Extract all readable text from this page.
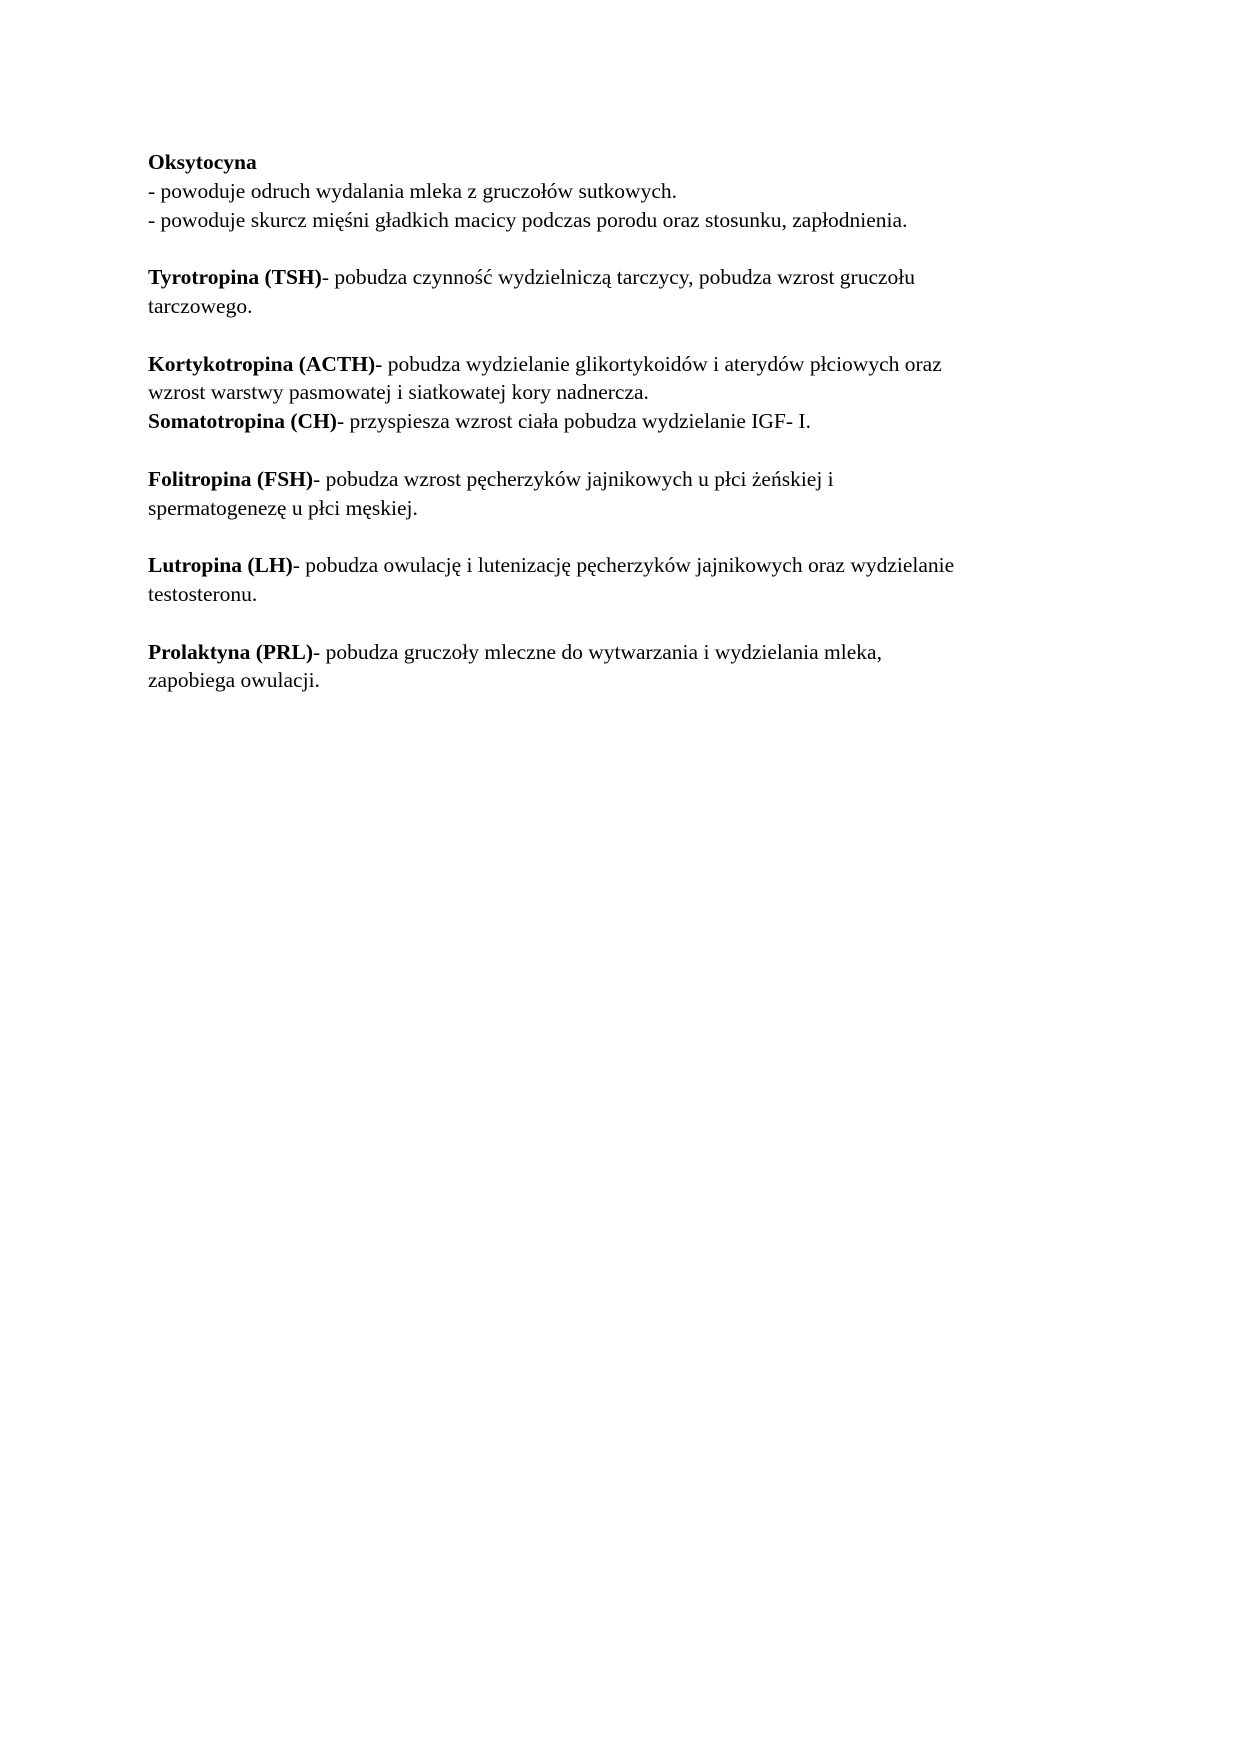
Oksytocyna
- powoduje odruch wydalania mleka z gruczołów sutkowych.
- powoduje skurcz mięśni gładkich macicy podczas porodu oraz stosunku, zapłodnienia.
Tyrotropina (TSH)- pobudza czynność wydzielniczą tarczycy, pobudza wzrost gruczołu
tarczowego.
Kortykotropina (ACTH)- pobudza wydzielanie glikortykoidów i aterydów płciowych oraz
wzrost warstwy pasmowatej i siatkowatej kory nadnercza.
Somatotropina (CH)- przyspiesza wzrost ciała pobudza wydzielanie IGF- I.
Folitropina (FSH)- pobudza wzrost pęcherzyków jajnikowych u płci żeńskiej i
spermatogenezę u płci męskiej.
Lutropina (LH)- pobudza owulację i lutenizację pęcherzyków jajnikowych oraz wydzielanie
testosteronu.
Prolaktyna (PRL)- pobudza gruczoły mleczne do wytwarzania i wydzielania mleka,
zapobiega owulacji.
